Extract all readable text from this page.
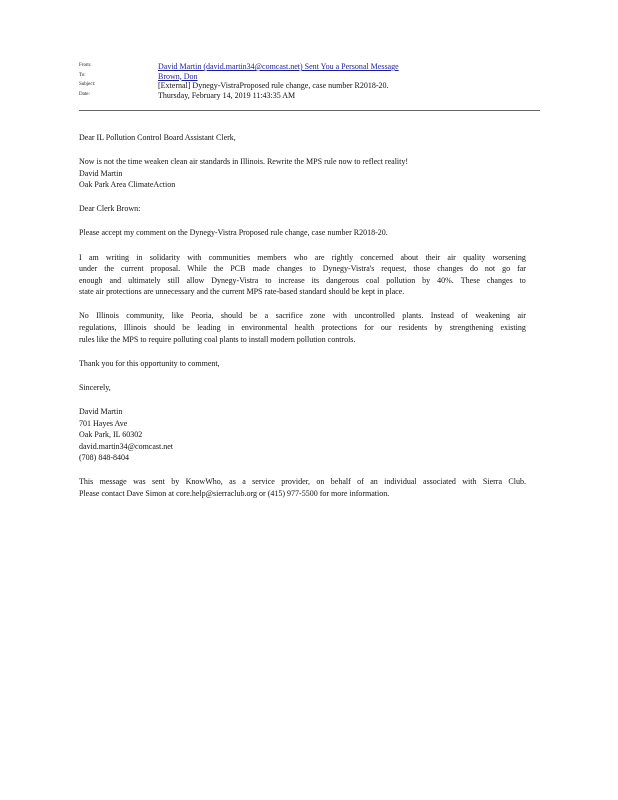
From:	David Martin (david.martin34@comcast.net) Sent You a Personal Message
To:	Brown, Don
Subject:	[External] Dynegy-VistraProposed rule change, case number R2018-20.
Date:	Thursday, February 14, 2019 11:43:35 AM

Dear IL Pollution Control Board Assistant Clerk,

Now is not the time weaken clean air standards in Illinois. Rewrite the MPS rule now to reflect reality!

David Martin

Oak Park Area ClimateAction

Dear Clerk Brown:

Please accept my comment on the Dynegy-Vistra Proposed rule change, case number R2018-20.

I am writing in solidarity with communities members who are rightly concerned about their air quality worsening
under the current proposal. While the PCB made changes to Dynegy-Vistra's request, those changes do not go far
enough and ultimately still allow Dynegy-Vistra to increase its dangerous coal pollution by 40%. These changes to

state air protections are unnecessary and the current MPS rate-based standard should be kept in place.

No Illinois community, like Peoria, should be a sacrifice zone with uncontrolled plants. Instead of weakening air
regulations, Illinois should be leading in environmental health protections for our residents by strengthening existing

rules like the MPS to require polluting coal plants to install modern pollution controls.

Thank you for this opportunity to comment,

Sincerely,

David Martin

701 Hayes Ave

Oak Park, IL 60302

david.martin34@comcast.net

(708) 848-8404

This message was sent by KnowWho, as a service provider, on behalf of an individual associated with Sierra Club.

Please contact Dave Simon at core.help@sierraclub.org or (415) 977-5500 for more information.
